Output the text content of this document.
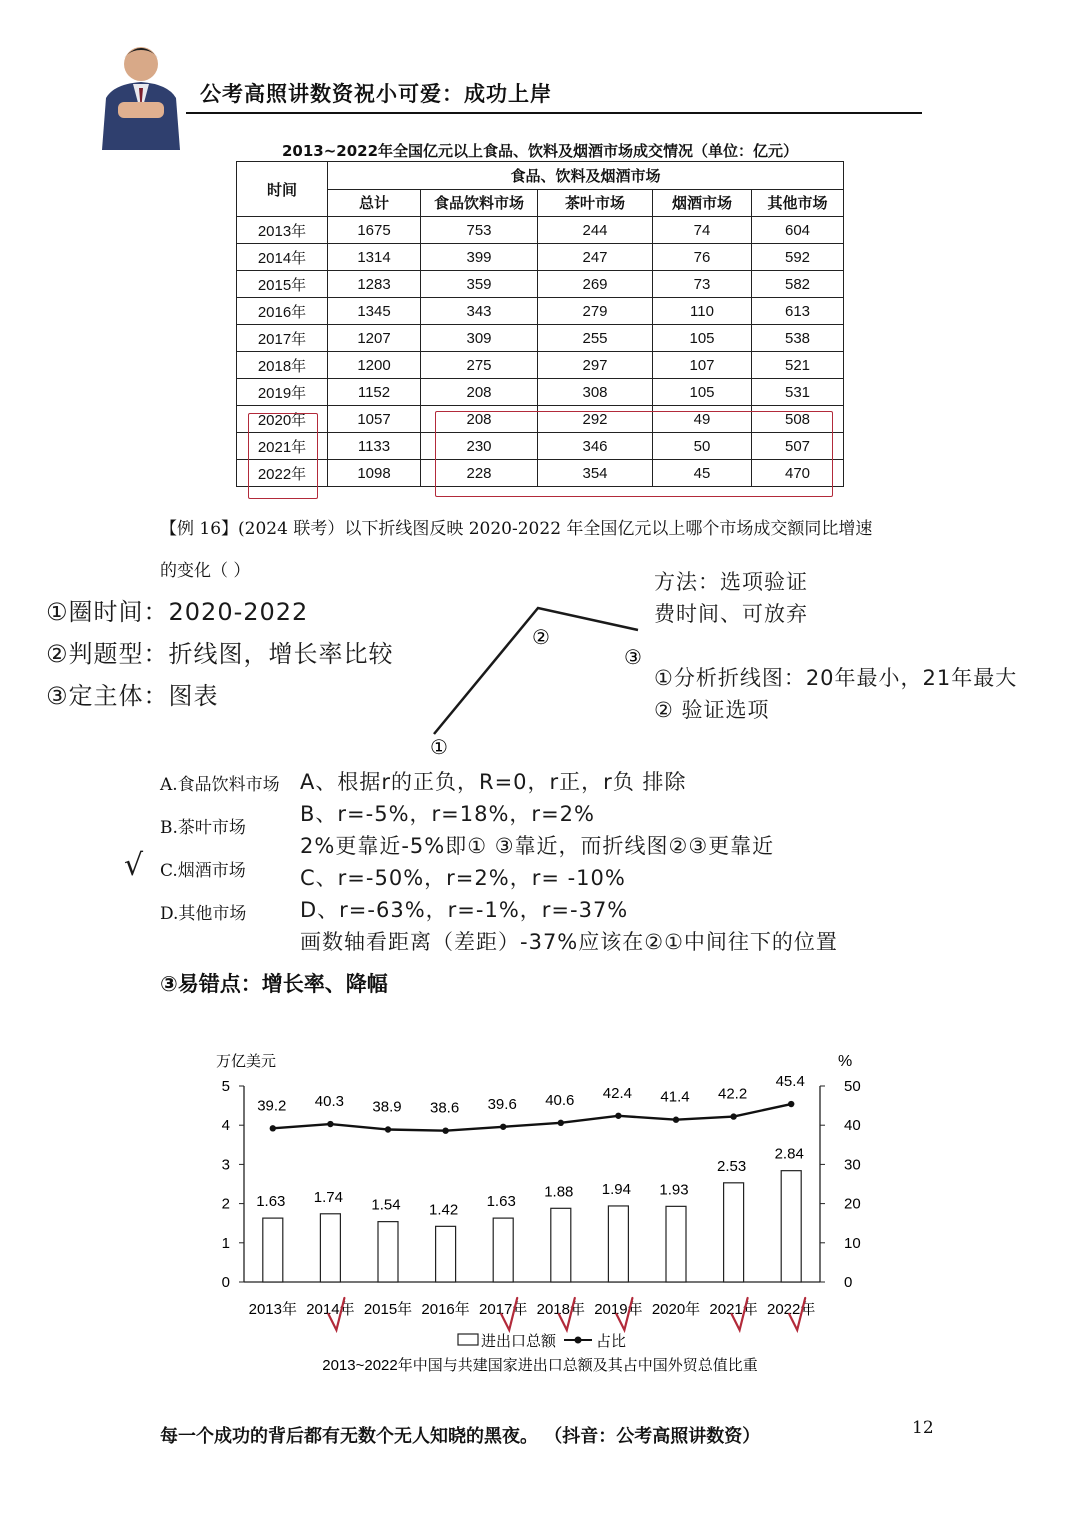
公考高照讲数资祝小可爱：成功上岸
2013~2022年全国亿元以上食品、饮料及烟酒市场成交情况（单位：亿元）
时间	食品、饮料及烟酒市场				
	总计	食品饮料市场	茶叶市场	烟酒市场	其他市场
2013年	1675	753	244	74	604
2014年	1314	399	247	76	592
2015年	1283	359	269	73	582
2016年	1345	343	279	110	613
2017年	1207	309	255	105	538
2018年	1200	275	297	107	521
2019年	1152	208	308	105	531
2020年	1057	208	292	49	508
2021年	1133	230	346	50	507
2022年	1098	228	354	45	470
【例 16】(2024 联考）以下折线图反映 2020-2022 年全国亿元以上哪个市场成交额同比增速
的变化（ ）
①圈时间：2020-2022
②判题型：折线图，增长率比较
③定主体：图表
方法：选项验证
费时间、可放弃
①分析折线图：20年最小，21年最大
② 验证选项
①
②
③
A.食品饮料市场
B.茶叶市场
C.烟酒市场
D.其他市场
√
A、根据r的正负，R=0，r正，r负 排除
B、r=-5%，r=18%，r=2%
2%更靠近-5%即① ③靠近，而折线图②③更靠近
C、r=-50%，r=2%，r= -10%
D、r=-63%，r=-1%，r=-37%
画数轴看距离（差距）-37%应该在②①中间往下的位置
③易错点：增长率、降幅
万亿美元	%
1.63 1.74 1.54 1.42 1.63
1.88 1.94 1.93
2.53
2.84
39.2 40.3 38.9 38.6 39.6 40.6 42.4 41.4 42.2
45.4
0
1
2
3
4
5
0
10
20
30
40
50
2013年 2014年 2015年 2016年 2017年 2018年 2019年 2020年 2021年 2022年
进出口总额	占比
2013~2022年中国与共建国家进出口总额及其占中国外贸总值比重
每一个成功的背后都有无数个无人知晓的黑夜。 （抖音：公考高照讲数资）	12
